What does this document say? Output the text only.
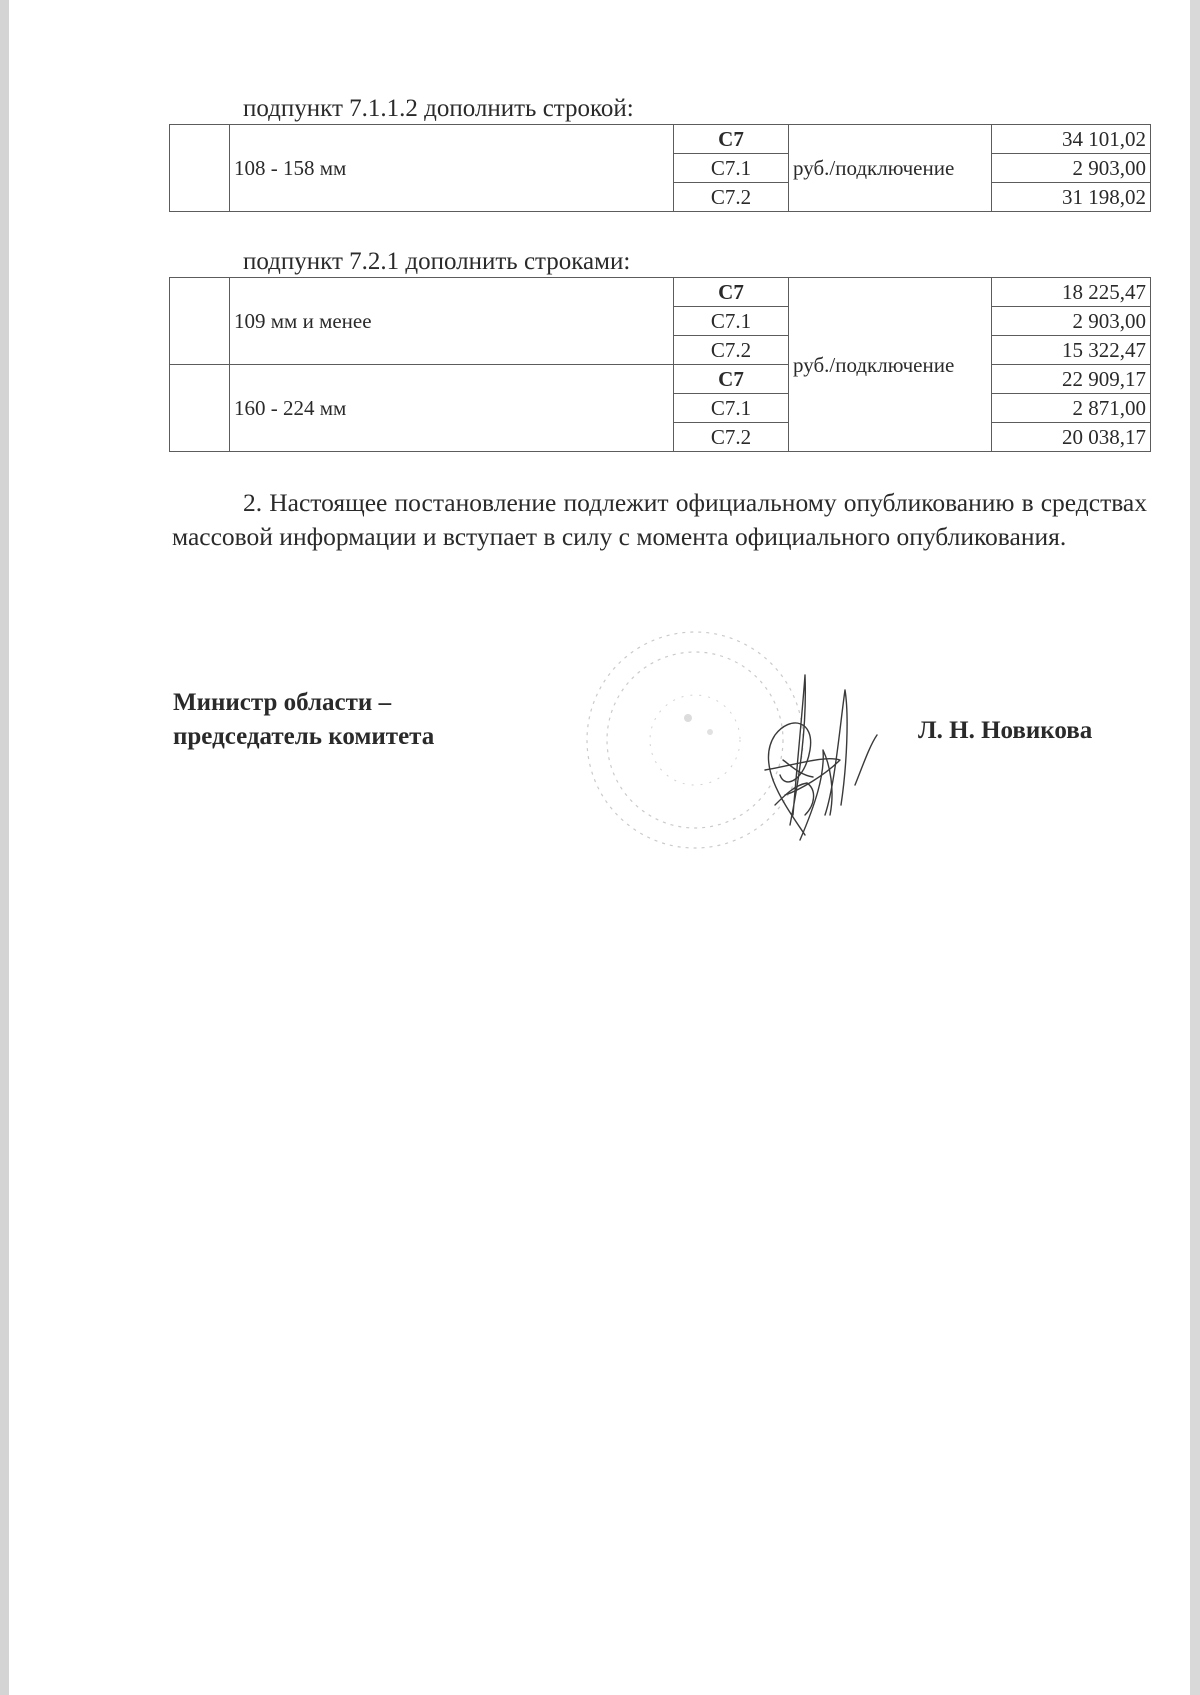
подпункт 7.1.1.2 дополнить строкой:
	108 - 158 мм	С7	руб./подключение	34 101,02
		С7.1		2 903,00
		С7.2		31 198,02
подпункт 7.2.1 дополнить строками:
	109 мм и менее	С7	руб./подключение	18 225,47
		С7.1		2 903,00
		С7.2		15 322,47
	160 - 224 мм	С7		22 909,17
		С7.1		2 871,00
		С7.2		20 038,17

2. Настоящее постановление подлежит официальному опубликованию в средствах массовой информации и вступает в силу с момента официального опубликования.

Министр области –
председатель комитета	Л. Н. Новикова
